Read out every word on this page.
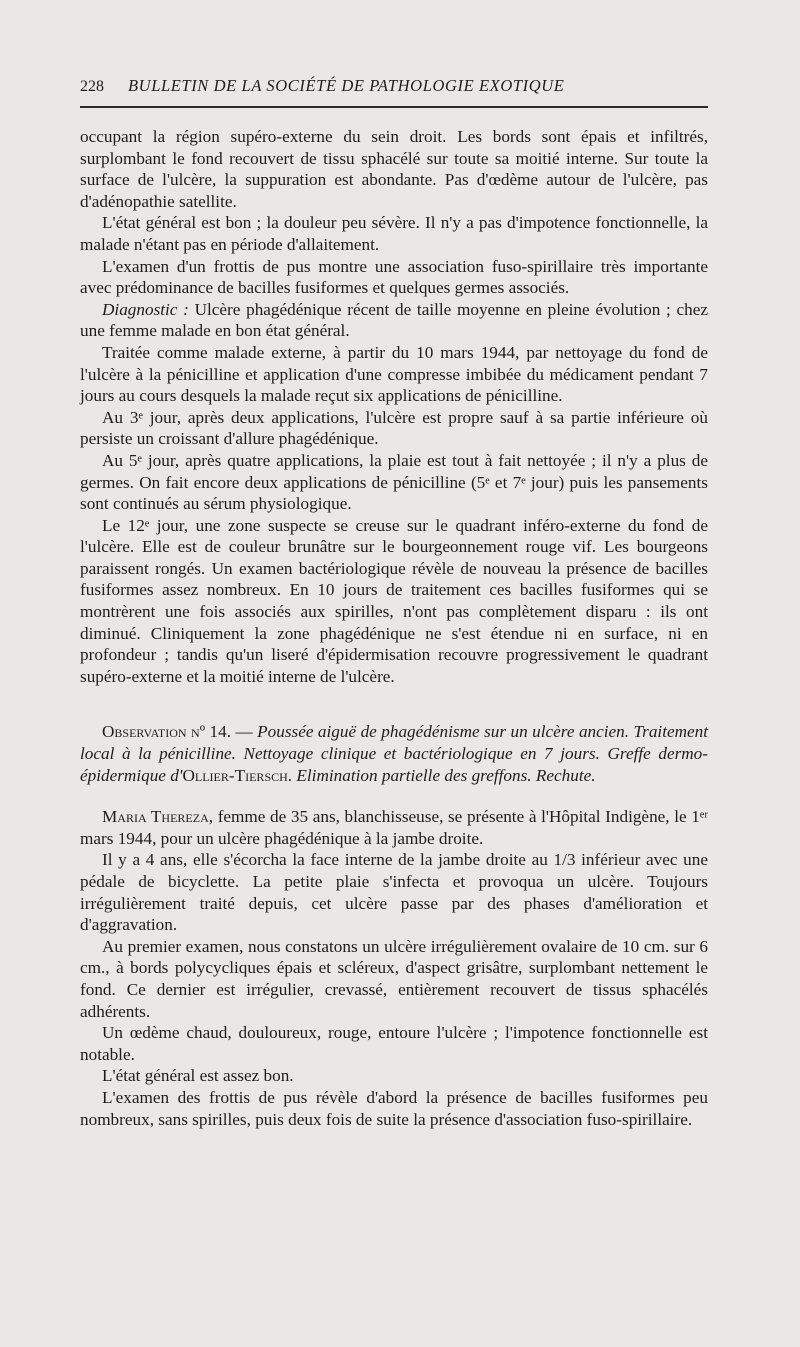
228	BULLETIN DE LA SOCIÉTÉ DE PATHOLOGIE EXOTIQUE

occupant la région supéro-externe du sein droit. Les bords sont épais et infiltrés, surplombant le fond recouvert de tissu sphacélé sur toute sa moitié interne. Sur toute la surface de l'ulcère, la suppuration est abondante. Pas d'œdème autour de l'ulcère, pas d'adénopathie satellite.

L'état général est bon ; la douleur peu sévère. Il n'y a pas d'impotence fonctionnelle, la malade n'étant pas en période d'allaitement.

L'examen d'un frottis de pus montre une association fuso-spirillaire très importante avec prédominance de bacilles fusiformes et quelques germes associés.

Diagnostic : Ulcère phagédénique récent de taille moyenne en pleine évolution ; chez une femme malade en bon état général.

Traitée comme malade externe, à partir du 10 mars 1944, par nettoyage du fond de l'ulcère à la pénicilline et application d'une compresse imbibée du médicament pendant 7 jours au cours desquels la malade reçut six applications de pénicilline.

Au 3ᵉ jour, après deux applications, l'ulcère est propre sauf à sa partie inférieure où persiste un croissant d'allure phagédénique.

Au 5ᵉ jour, après quatre applications, la plaie est tout à fait nettoyée ; il n'y a plus de germes. On fait encore deux applications de pénicilline (5ᵉ et 7ᵉ jour) puis les pansements sont continués au sérum physiologique.

Le 12ᵉ jour, une zone suspecte se creuse sur le quadrant inféro-externe du fond de l'ulcère. Elle est de couleur brunâtre sur le bourgeonnement rouge vif. Les bourgeons paraissent rongés. Un examen bactériologique révèle de nouveau la présence de bacilles fusiformes assez nombreux. En 10 jours de traitement ces bacilles fusiformes qui se montrèrent une fois associés aux spirilles, n'ont pas complètement disparu : ils ont diminué. Cliniquement la zone phagédénique ne s'est étendue ni en surface, ni en profondeur ; tandis qu'un liseré d'épidermisation recouvre progressivement le quadrant supéro-externe et la moitié interne de l'ulcère.

Observation nº 14. — Poussée aiguë de phagédénisme sur un ulcère ancien. Traitement local à la pénicilline. Nettoyage clinique et bactériologique en 7 jours. Greffe dermo-épidermique d'Ollier-Tiersch. Elimination partielle des greffons. Rechute.

Maria Thereza, femme de 35 ans, blanchisseuse, se présente à l'Hôpital Indigène, le 1ᵉʳ mars 1944, pour un ulcère phagédénique à la jambe droite.

Il y a 4 ans, elle s'écorcha la face interne de la jambe droite au 1/3 inférieur avec une pédale de bicyclette. La petite plaie s'infecta et provoqua un ulcère. Toujours irrégulièrement traité depuis, cet ulcère passe par des phases d'amélioration et d'aggravation.

Au premier examen, nous constatons un ulcère irrégulièrement ovalaire de 10 cm. sur 6 cm., à bords polycycliques épais et scléreux, d'aspect grisâtre, surplombant nettement le fond. Ce dernier est irrégulier, crevassé, entièrement recouvert de tissus sphacélés adhérents.

Un œdème chaud, douloureux, rouge, entoure l'ulcère ; l'impotence fonctionnelle est notable.

L'état général est assez bon.

L'examen des frottis de pus révèle d'abord la présence de bacilles fusiformes peu nombreux, sans spirilles, puis deux fois de suite la présence d'association fuso-spirillaire.
